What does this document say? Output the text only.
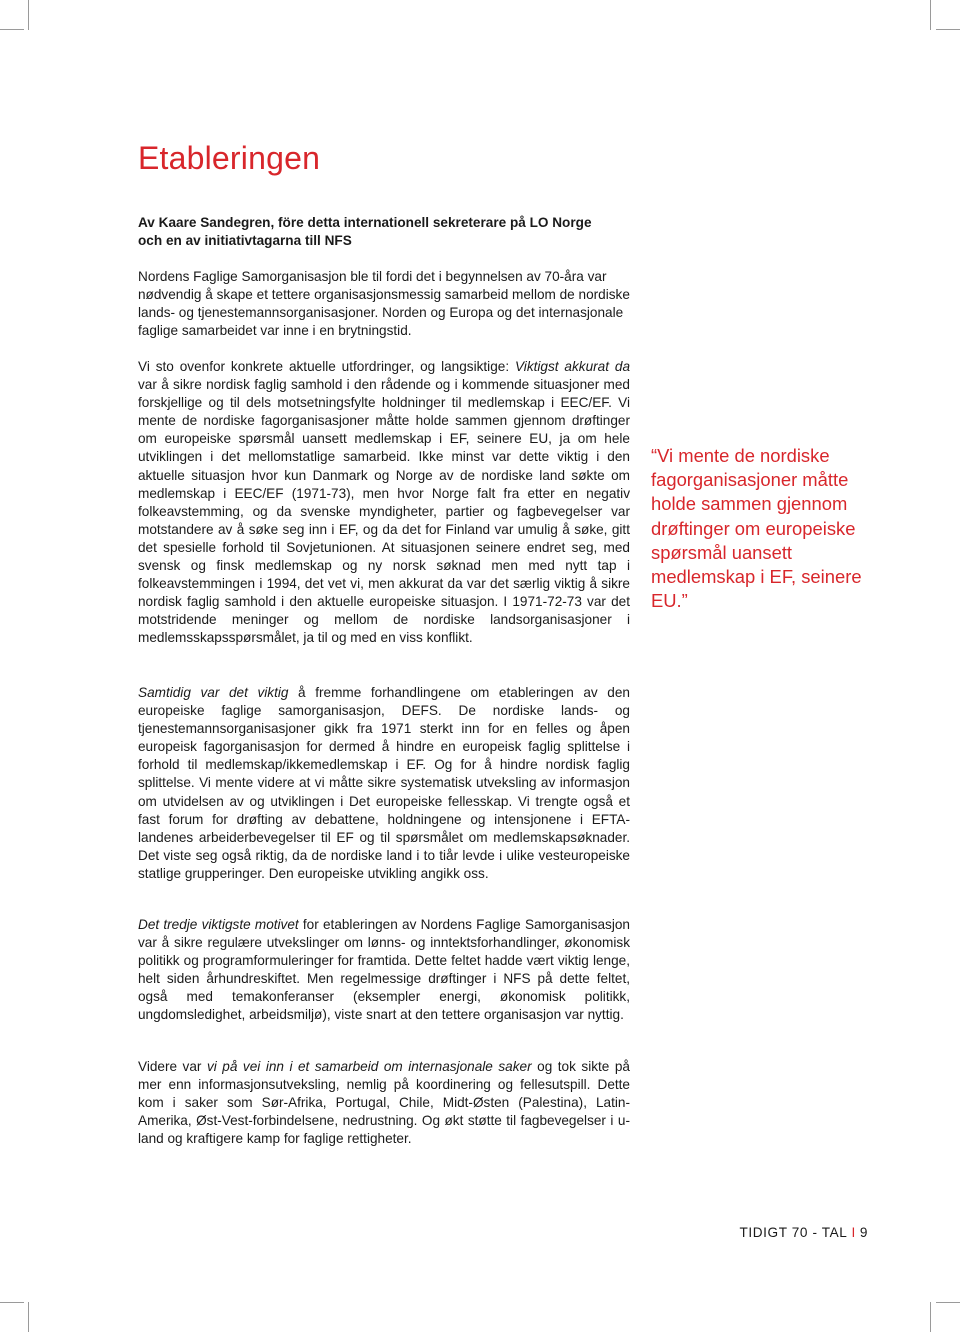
Etableringen
Av Kaare Sandegren, före detta internationell sekreterare på LO Norge
och en av initiativtagarna till NFS

Nordens Faglige Samorganisasjon ble til fordi det i begynnelsen av 70-åra var nødvendig å skape et tettere organisasjonsmessig samarbeid mellom de nordiske lands- og tjenestemannsorganisasjoner. Norden og Europa og det internasjonale faglige samarbeidet var inne i en brytningstid.

Vi sto ovenfor konkrete aktuelle utfordringer, og langsiktige: Viktigst akkurat da var å sikre nordisk faglig samhold i den rådende og i kommende situasjoner med forskjellige og til dels motsetningsfylte holdninger til medlemskap i EEC/EF. Vi mente de nordiske fagorganisasjoner måtte holde sammen gjennom drøftinger om europeiske spørsmål uansett medlemskap i EF, seinere EU, ja om hele utviklingen i det mellomstatlige samarbeid. Ikke minst var dette viktig i den aktuelle situasjon hvor kun Danmark og Norge av de nordiske land søkte om medlemskap i EEC/EF (1971-73), men hvor Norge falt fra etter en negativ folkeavstemming, og da svenske myndigheter, partier og fagbevegelser var motstandere av å søke seg inn i EF, og da det for Finland var umulig å søke, gitt det spesielle forhold til Sovjetunionen. At situasjonen seinere endret seg, med svensk og finsk medlemskap og ny norsk søknad men med nytt tap i folkeavstemmingen i 1994, det vet vi, men akkurat da var det særlig viktig å sikre nordisk faglig samhold i den aktuelle europeiske situasjon. I 1971-72-73 var det motstridende meninger og mellom de nordiske landsorganisasjoner i medlemsskapsspørsmålet, ja til og med en viss konflikt.

Samtidig var det viktig å fremme forhandlingene om etableringen av den europeiske faglige samorganisasjon, DEFS. De nordiske lands- og tjenestemannsorganisasjoner gikk fra 1971 sterkt inn for en felles og åpen europeisk fagorganisasjon for dermed å hindre en europeisk faglig splittelse i forhold til medlemskap/ikkemedlemskap i EF. Og for å hindre nordisk faglig splittelse. Vi mente videre at vi måtte sikre systematisk utveksling av informasjon om utvidelsen av og utviklingen i Det europeiske fellesskap. Vi trengte også et fast forum for drøfting av debattene, holdningene og intensjonene i EFTA-landenes arbeiderbevegelser til EF og til spørsmålet om medlemskapsøknader. Det viste seg også riktig, da de nordiske land i to tiår levde i ulike vesteuropeiske statlige grupperinger. Den europeiske utvikling angikk oss.

Det tredje viktigste motivet for etableringen av Nordens Faglige Samorganisasjon var å sikre regulære utvekslinger om lønns- og inntektsforhandlinger, økonomisk politikk og programformuleringer for framtida. Dette feltet hadde vært viktig lenge, helt siden århundreskiftet. Men regelmessige drøftinger i NFS på dette feltet, også med temakonferanser (eksempler energi, økonomisk politikk, ungdomsledighet, arbeidsmiljø), viste snart at den tettere organisasjon var nyttig.

Videre var vi på vei inn i et samarbeid om internasjonale saker og tok sikte på mer enn informasjonsutveksling, nemlig på koordinering og fellesutspill. Dette kom i saker som Sør-Afrika, Portugal, Chile, Midt-Østen (Palestina), Latin-Amerika, Øst-Vest-forbindelsene, nedrustning. Og økt støtte til fagbevegelser i u-land og kraftigere kamp for faglige rettigheter.

“Vi mente de nordiske fagorganisasjoner måtte holde sammen gjennom drøftinger om europeiske spørsmål uansett medlemskap i EF, seinere EU.”
TIDIGT 70 - TAL I 9
